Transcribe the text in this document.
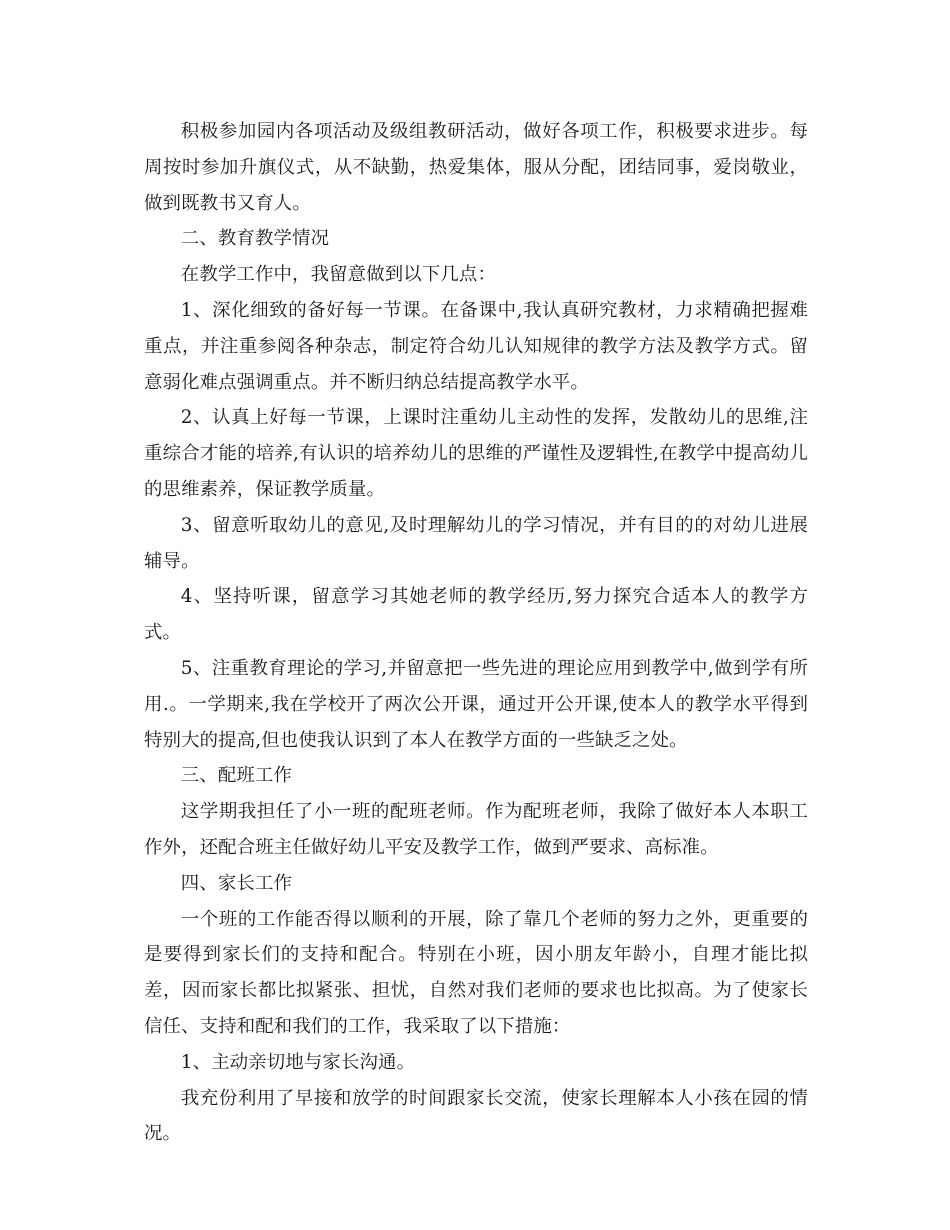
积极参加园内各项活动及级组教研活动，做好各项工作，积极要求进步。每周按时参加升旗仪式，从不缺勤，热爱集体，服从分配，团结同事，爱岗敬业，做到既教书又育人。

二、教育教学情况

在教学工作中，我留意做到以下几点：

1、深化细致的备好每一节课。在备课中,我认真研究教材，力求精确把握难重点，并注重参阅各种杂志，制定符合幼儿认知规律的教学方法及教学方式。留意弱化难点强调重点。并不断归纳总结提高教学水平。

2、认真上好每一节课，上课时注重幼儿主动性的发挥，发散幼儿的思维,注重综合才能的培养,有认识的培养幼儿的思维的严谨性及逻辑性,在教学中提高幼儿的思维素养，保证教学质量。

3、留意听取幼儿的意见,及时理解幼儿的学习情况，并有目的的对幼儿进展辅导。

4、坚持听课，留意学习其她老师的教学经历,努力探究合适本人的教学方式。

5、注重教育理论的学习,并留意把一些先进的理论应用到教学中,做到学有所用.。一学期来,我在学校开了两次公开课，通过开公开课,使本人的教学水平得到特别大的提高,但也使我认识到了本人在教学方面的一些缺乏之处。

三、配班工作

这学期我担任了小一班的配班老师。作为配班老师，我除了做好本人本职工作外，还配合班主任做好幼儿平安及教学工作，做到严要求、高标准。

四、家长工作

一个班的工作能否得以顺利的开展，除了靠几个老师的努力之外，更重要的是要得到家长们的支持和配合。特别在小班，因小朋友年龄小，自理才能比拟差，因而家长都比拟紧张、担忧，自然对我们老师的要求也比拟高。为了使家长信任、支持和配和我们的工作，我采取了以下措施：

1、主动亲切地与家长沟通。

我充份利用了早接和放学的时间跟家长交流，使家长理解本人小孩在园的情况。
